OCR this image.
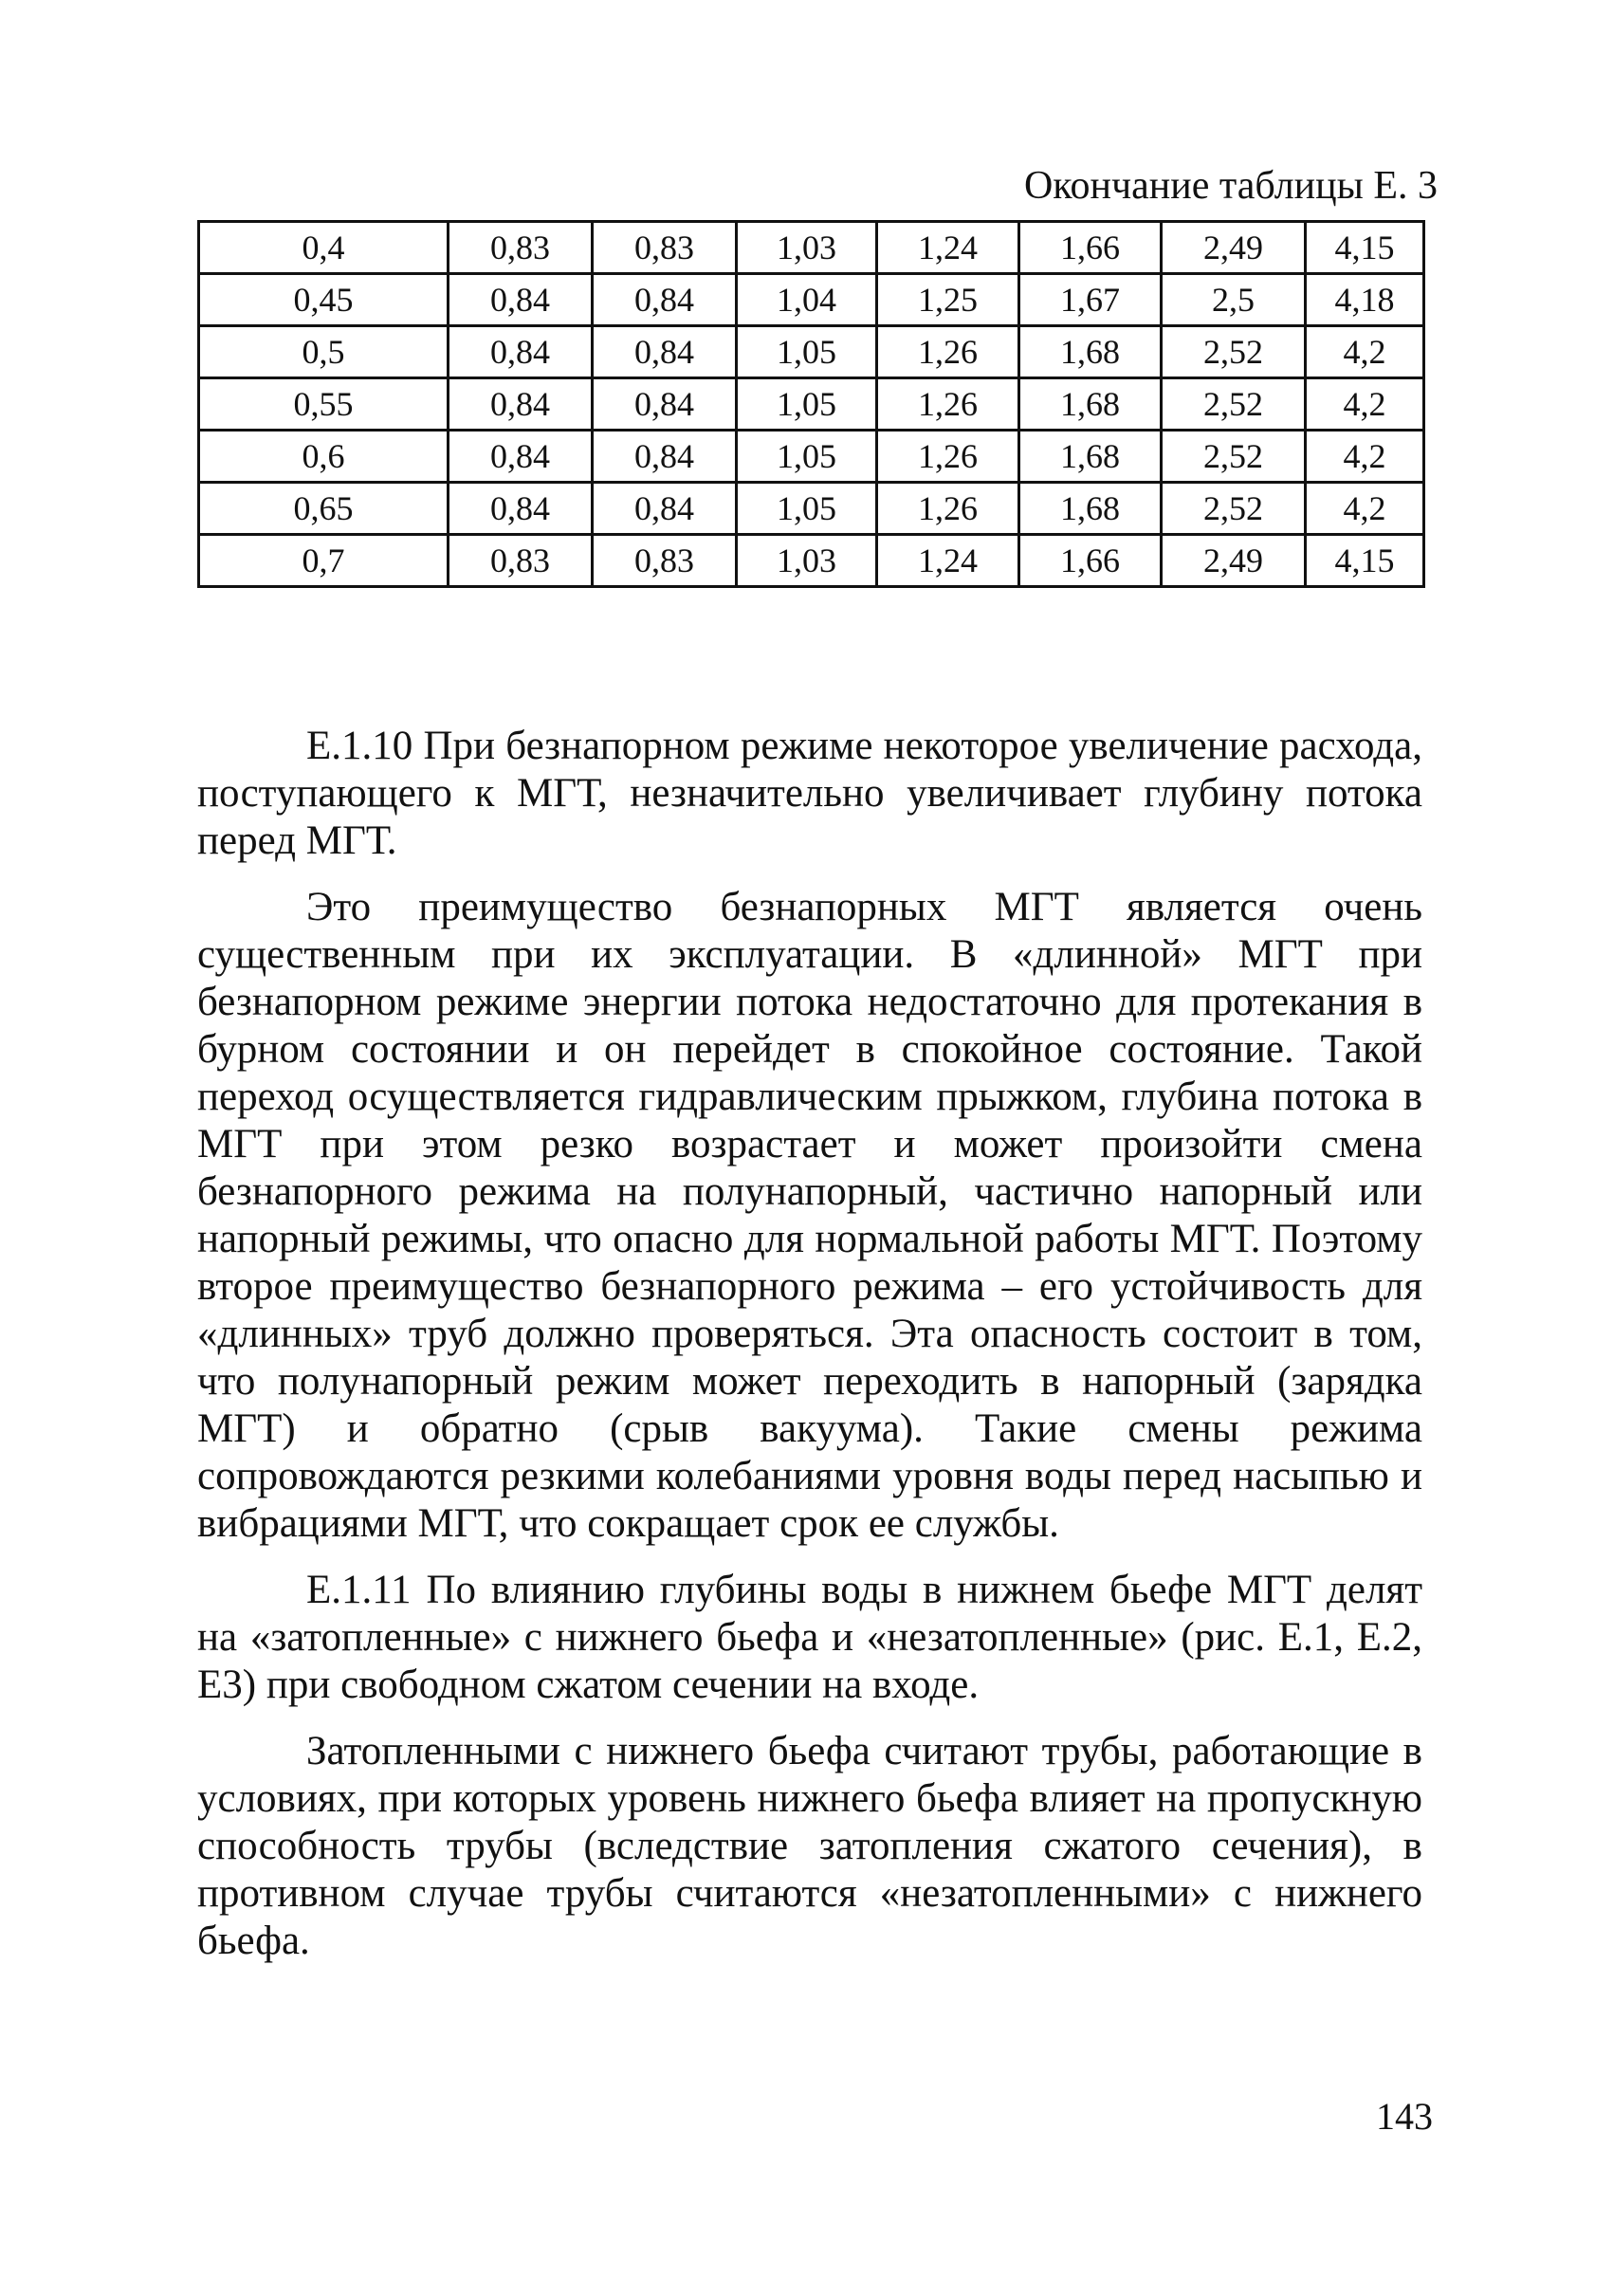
Окончание таблицы Е. 3
0,4	0,83	0,83	1,03	1,24	1,66	2,49	4,15
0,45	0,84	0,84	1,04	1,25	1,67	2,5	4,18
0,5	0,84	0,84	1,05	1,26	1,68	2,52	4,2
0,55	0,84	0,84	1,05	1,26	1,68	2,52	4,2
0,6	0,84	0,84	1,05	1,26	1,68	2,52	4,2
0,65	0,84	0,84	1,05	1,26	1,68	2,52	4,2
0,7	0,83	0,83	1,03	1,24	1,66	2,49	4,15

Е.1.10 При безнапорном режиме некоторое увеличение расхода, поступающего к МГТ, незначительно увеличивает глубину потока перед МГТ.

Это преимущество безнапорных МГТ является очень существенным при их эксплуатации. В «длинной» МГТ при безнапорном режиме энергии потока недостаточно для протекания в бурном состоянии и он перейдет в спокойное состояние. Такой переход осуществляется гидравлическим прыжком, глубина потока в МГТ при этом резко возрастает и может произойти смена безнапорного режима на полунапорный, частично напорный или напорный режимы, что опасно для нормальной работы МГТ. Поэтому второе преимущество безнапорного режима – его устойчивость для «длинных» труб должно проверяться. Эта опасность состоит в том, что полунапорный режим может переходить в напорный (зарядка МГТ) и обратно (срыв вакуума). Такие смены режима сопровождаются резкими колебаниями уровня воды перед насыпью и вибрациями МГТ, что сокращает срок ее службы.

Е.1.11 По влиянию глубины воды в нижнем бьефе МГТ делят на «затопленные» с нижнего бьефа и «незатопленные» (рис. Е.1, Е.2, Е3) при свободном сжатом сечении на входе.

Затопленными с нижнего бьефа считают трубы, работающие в условиях, при которых уровень нижнего бьефа влияет на пропускную способность трубы (вследствие затопления сжатого сечения), в противном случае трубы считаются «незатопленными» с нижнего бьефа.

143
